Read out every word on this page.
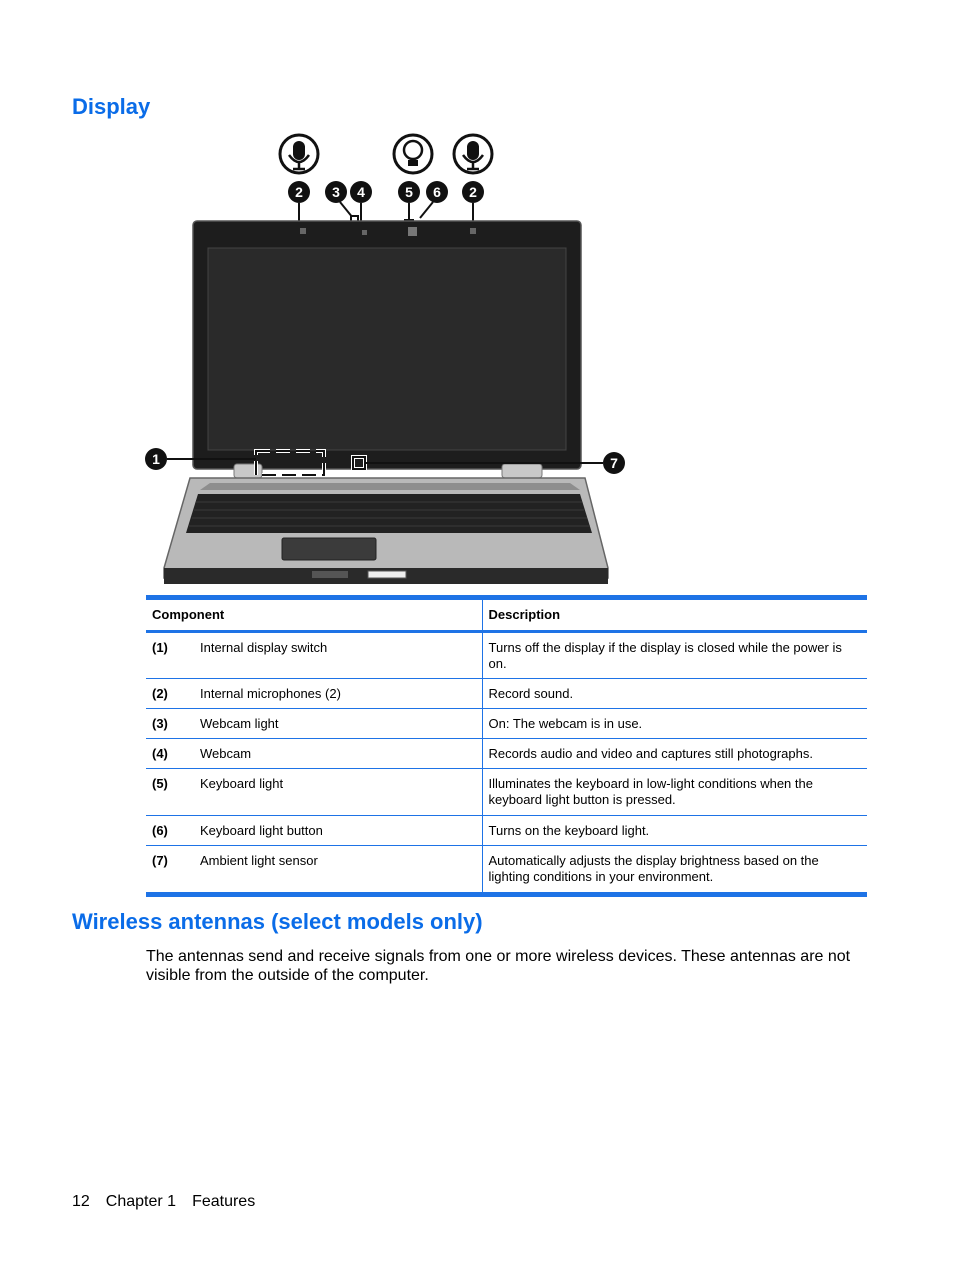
Display
2 3 4	5 6 2
1	7
Component		Description
(1)	Internal display switch	Turns off the display if the display is closed while the power is on.
(2)	Internal microphones (2)	Record sound.
(3)	Webcam light	On: The webcam is in use.
(4)	Webcam	Records audio and video and captures still photographs.
(5)	Keyboard light	Illuminates the keyboard in low-light conditions when the keyboard light button is pressed.
(6)	Keyboard light button	Turns on the keyboard light.
(7)	Ambient light sensor	Automatically adjusts the display brightness based on the lighting conditions in your environment.
Wireless antennas (select models only)

The antennas send and receive signals from one or more wireless devices. These antennas are not visible from the outside of the computer.

12 Chapter 1 Features
